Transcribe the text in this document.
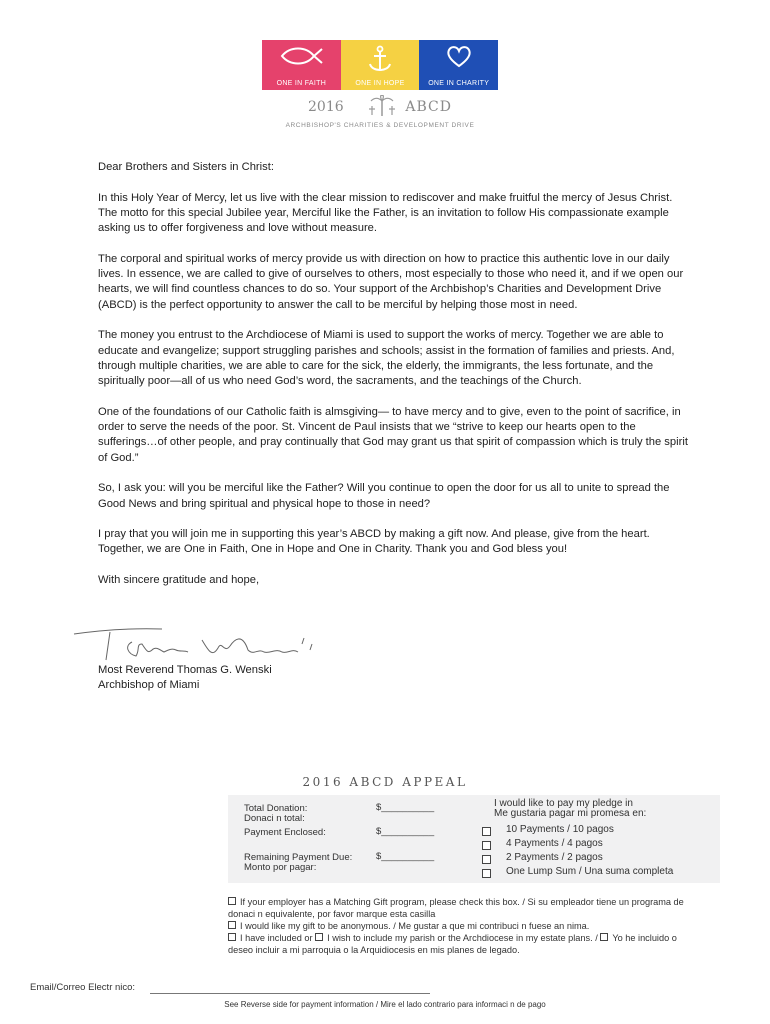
ONE IN FAITH	ONE IN HOPE	ONE IN CHARITY
2016	ABCD
ARCHBISHOP'S CHARITIES & DEVELOPMENT DRIVE

Dear Brothers and Sisters in Christ:

In this Holy Year of Mercy, let us live with the clear mission to rediscover and make fruitful the mercy of Jesus Christ. The motto for this special Jubilee year, Merciful like the Father, is an invitation to follow His compassionate example asking us to offer forgiveness and love without measure.

The corporal and spiritual works of mercy provide us with direction on how to practice this authentic love in our daily lives. In essence, we are called to give of ourselves to others, most especially to those who need it, and if we open our hearts, we will find countless chances to do so. Your support of the Archbishop’s Charities and Development Drive (ABCD) is the perfect opportunity to answer the call to be merciful by helping those most in need.

The money you entrust to the Archdiocese of Miami is used to support the works of mercy. Together we are able to educate and evangelize; support struggling parishes and schools; assist in the formation of families and priests. And, through multiple charities, we are able to care for the sick, the elderly, the immigrants, the less fortunate, and the spiritually poor—all of us who need God’s word, the sacraments, and the teachings of the Church.

One of the foundations of our Catholic faith is almsgiving— to have mercy and to give, even to the point of sacrifice, in order to serve the needs of the poor. St. Vincent de Paul insists that we “strive to keep our hearts open to the sufferings…of other people, and pray continually that God may grant us that spirit of compassion which is truly the spirit of God.”

So, I ask you: will you be merciful like the Father? Will you continue to open the door for us all to unite to spread the Good News and bring spiritual and physical hope to those in need?

I pray that you will join me in supporting this year’s ABCD by making a gift now. And please, give from the heart. Together, we are One in Faith, One in Hope and One in Charity. Thank you and God bless you!

With sincere gratitude and hope,

Most Reverend Thomas G. Wenski
Archbishop of Miami
2016 ABCD APPEAL
Total Donation:
Donaci n total:
$__________
Payment Enclosed:	$__________
Remaining Payment Due:
Monto por pagar:
$__________
I would like to pay my pledge in
Me gustaria pagar mi promesa en:
10 Payments / 10 pagos
4 Payments / 4 pagos
2 Payments / 2 pagos
One Lump Sum / Una suma completa
If your employer has a Matching Gift program, please check this box. / Si su empleador tiene un programa de
donaci n equivalente, por favor marque esta casilla
I would like my gift to be anonymous. / Me gustar a que mi contribuci n fuese an nima.
I have included or I wish to include my parish or the Archdiocese in my estate plans. / Yo he incluido o
deseo incluir a mi parroquia o la Arquidiocesis en mis planes de legado.
Email/Correo Electr nico:
See Reverse side for payment information / Mire el lado contrario para informaci n de pago
